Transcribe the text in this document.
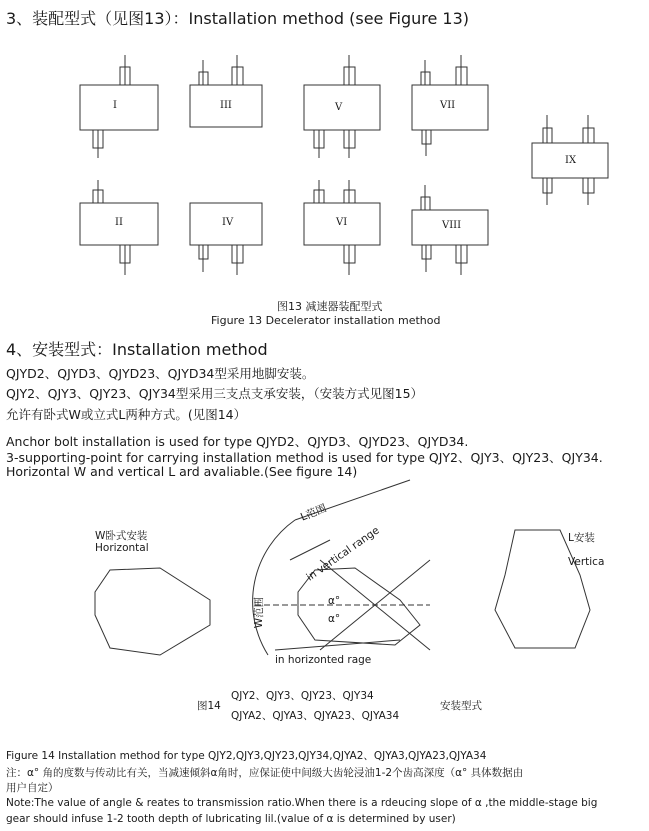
3、装配型式（见图13）：Installation method (see Figure 13)
I	III	V	VII
IX
II	IV	VI	VIII
图13 减速器装配型式
Figure 13 Decelerator installation method
4、安装型式：Installation method
QJYD2、QJYD3、QJYD23、QJYD34型采用地脚安装。
QJY2、QJY3、QJY23、QJY34型采用三支点支承安装，（安装方式见图15）
允许有卧式W或立式L两种方式。(见图14）
Anchor bolt installation is used for type QJYD2、QJYD3、QJYD23、QJYD34.
3-supporting-point for carrying installation method is used for type QJY2、QJY3、QJY23、QJY34.
Horizontal W and vertical L ard avaliable.(See figure 14)
W卧式安装
Horizontal
L范围
in vertical range
W范围	α°
α°
in horizonted rage
L安装
Vertica
图14
QJY2、QJY3、QJY23、QJY34
QJYA2、QJYA3、QJYA23、QJYA34
安装型式
Figure 14 Installation method for type QJY2,QJY3,QJY23,QJY34,QJYA2、QJYA3,QJYA23,QJYA34
注：α° 角的度数与传动比有关，当减速倾斜α角时，应保证使中间级大齿轮浸油1-2个齿高深度（α° 具体数据由
用户自定）
Note:The value of angle & reates to transmission ratio.When there is a rdeucing slope of α ,the middle-stage big
gear should infuse 1-2 tooth depth of lubricating lil.(value of α is determined by user)
